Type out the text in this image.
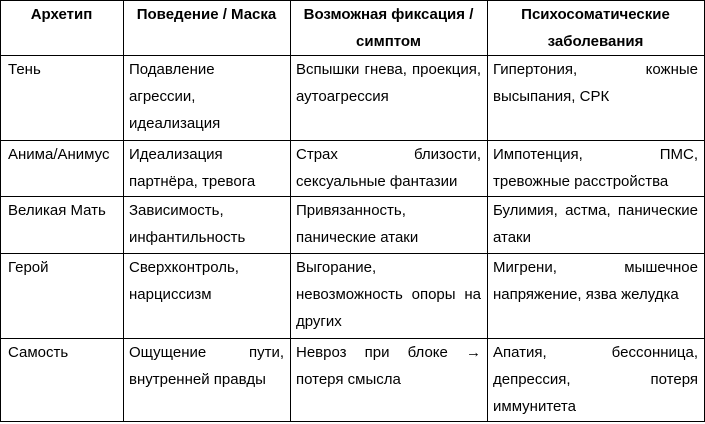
Архетип	Поведение / Маска	Возможная фиксация / симптом	Психосоматические заболевания
Тень	Подавление агрессии, идеализация	Вспышки гнева, проекция, аутоагрессия	Гипертония, кожные высыпания, СРК
Анима/Анимус	Идеализация партнёра, тревога	Страх близости, сексуальные фантазии	Импотенция, ПМС, тревожные расстройства
Великая Мать	Зависимость, инфантильность	Привязанность, панические атаки	Булимия, астма, панические атаки
Герой	Сверхконтроль, нарциссизм	Выгорание, невозможность опоры на других	Мигрени, мышечное напряжение, язва желудка
Самость	Ощущение пути, внутренней правды	Невроз при блоке → потеря смысла	Апатия, бессонница, депрессия, потеря иммунитета
